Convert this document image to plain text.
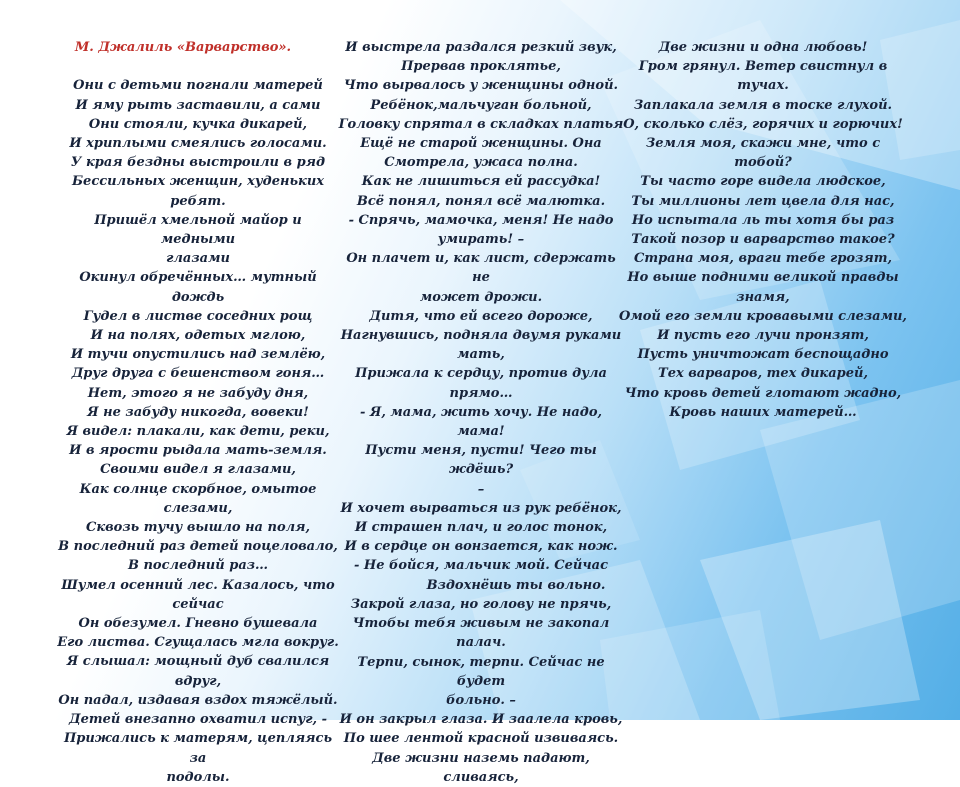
М. Джалиль «Варварство».

Они с детьми погнали матерей

И яму рыть заставили, а сами

Они стояли, кучка дикарей,

И хриплыми смеялись голосами.

У края бездны выстроили в ряд

Бессильных женщин, худеньких ребят.

Пришёл хмельной майор и медными

глазами

Окинул обречённых… мутный дождь

Гудел в листве соседних рощ

И на полях, одетых мглою,

И тучи опустились над землёю,

Друг друга с бешенством гоня…

Нет, этого я не забуду дня,

Я не забуду никогда, вовеки!

Я видел: плакали, как дети, реки,

И в ярости рыдала мать-земля.

Своими видел я глазами,

Как солнце скорбное, омытое слезами,

Сквозь тучу вышло на поля,

В последний раз детей поцеловало,

В последний раз…

Шумел осенний лес. Казалось, что

сейчас

Он обезумел. Гневно бушевала

Его листва. Сгущалась мгла вокруг.

Я слышал: мощный дуб свалился вдруг,

Он падал, издавая вздох тяжёлый.

Детей внезапно охватил испуг, -

Прижались к матерям, цепляясь за

подолы.

И выстрела раздался резкий звук,

Прервав проклятье,

Что вырвалось у женщины одной.

Ребёнок,мальчуган больной,

Головку спрятал в складках платья

Ещё не старой женщины. Она

Смотрела, ужаса полна.

Как не лишиться ей рассудка!

Всё понял, понял всё малютка.

- Спрячь, мамочка, меня! Не надо

умирать! –

Он плачет и, как лист, сдержать не

может дрожи.

Дитя, что ей всего дороже,

Нагнувшись, подняла двумя руками

мать,

Прижала к сердцу, против дула

прямо…

- Я, мама, жить хочу. Не надо, мама!

Пусти меня, пусти! Чего ты ждёшь?

–

И хочет вырваться из рук ребёнок,

И страшен плач, и голос тонок,

И в сердце он вонзается, как нож.

- Не бойся, мальчик мой. Сейчас

Вздохнёшь ты вольно.

Закрой глаза, но голову не прячь,

Чтобы тебя живым не закопал палач.

Терпи, сынок, терпи. Сейчас не будет

больно. –

И он закрыл глаза. И заалела кровь,

По шее лентой красной извиваясь.

Две жизни наземь падают, сливаясь,

Две жизни и одна любовь!

Гром грянул. Ветер свистнул в тучах.

Заплакала земля в тоске глухой.

О, сколько слёз, горячих и горючих!

Земля моя, скажи мне, что с тобой?

Ты часто горе видела людское,

Ты миллионы лет цвела для нас,

Но испытала ль ты хотя бы раз

Такой позор и варварство такое?

Страна моя, враги тебе грозят,

Но выше подними великой правды

знамя,

Омой его земли кровавыми слезами,

И пусть его лучи пронзят,

Пусть уничтожат беспощадно

Тех варваров, тех дикарей,

Что кровь детей глотают жадно,

Кровь наших матерей…
